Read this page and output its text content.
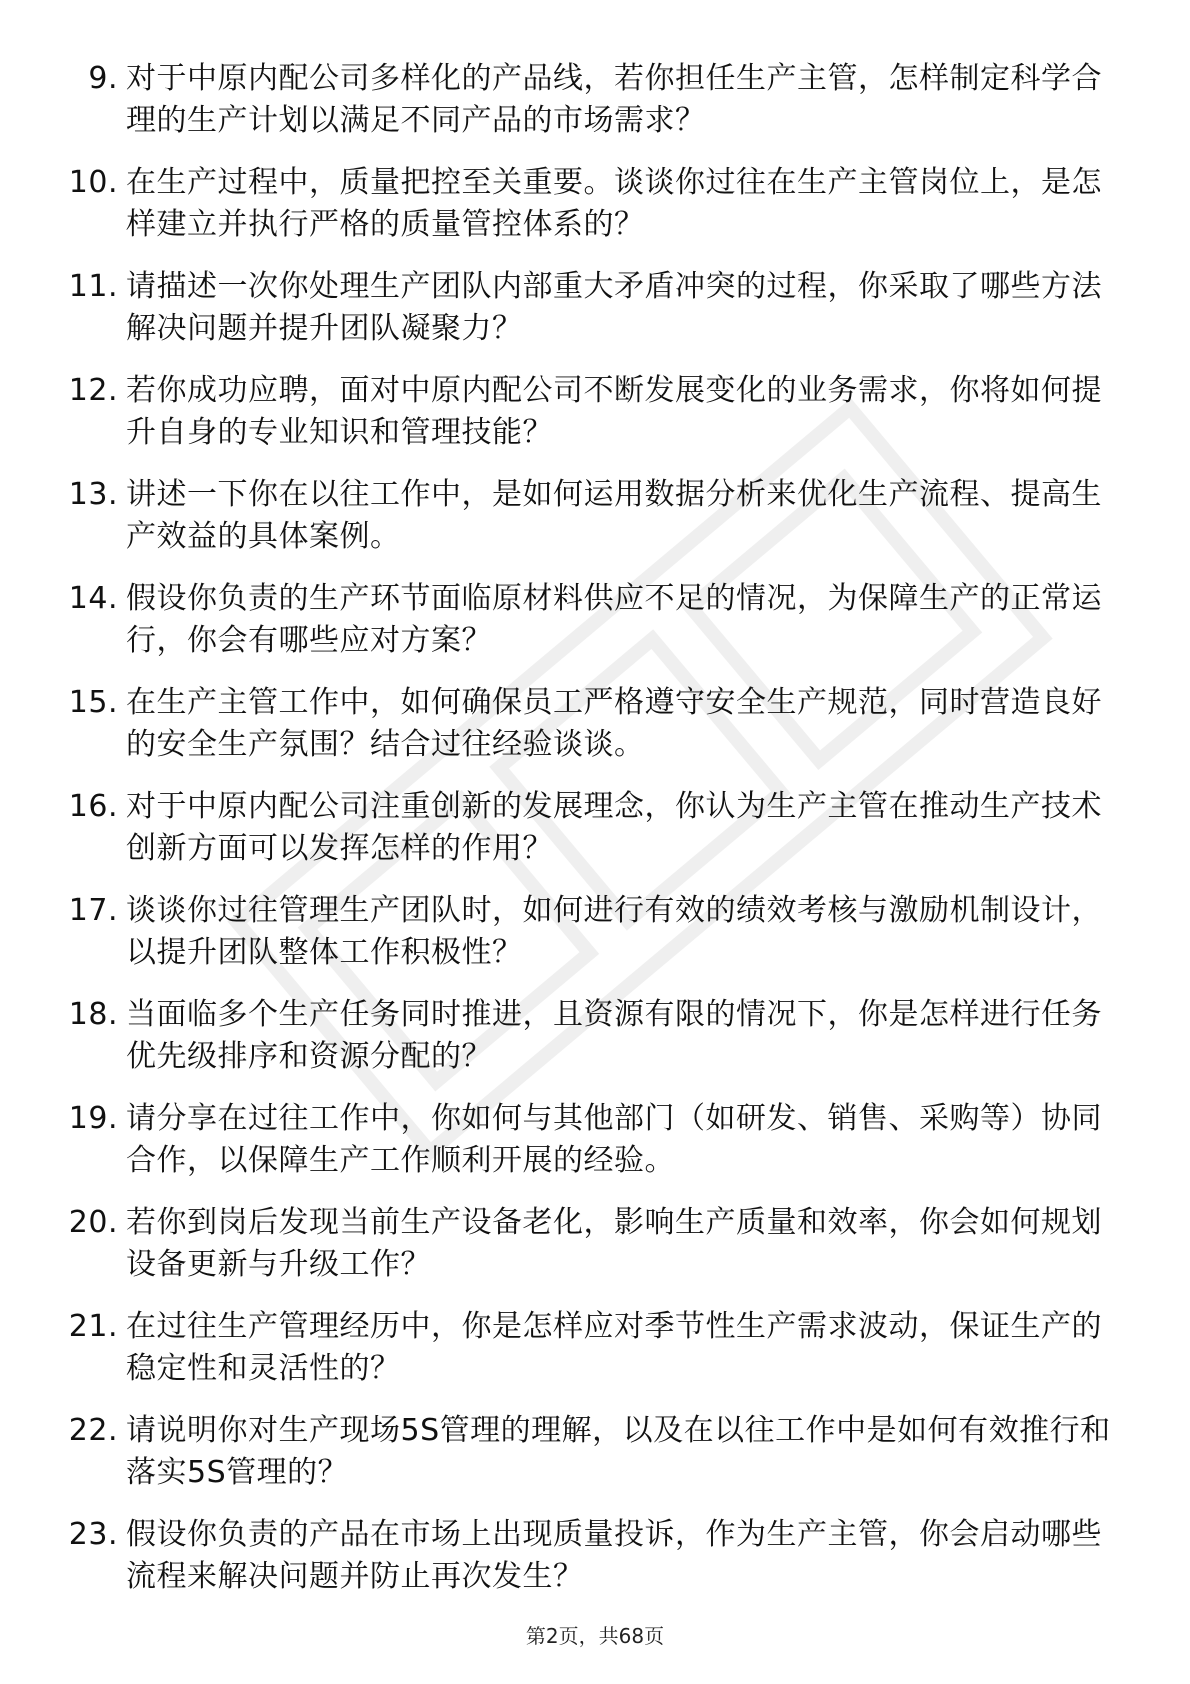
9. 对于中原内配公司多样化的产品线，若你担任生产主管，怎样制定科学合理的生产计划以满足不同产品的市场需求？
10. 在生产过程中，质量把控至关重要。谈谈你过往在生产主管岗位上，是怎样建立并执行严格的质量管控体系的？
11. 请描述一次你处理生产团队内部重大矛盾冲突的过程，你采取了哪些方法解决问题并提升团队凝聚力？
12. 若你成功应聘，面对中原内配公司不断发展变化的业务需求，你将如何提升自身的专业知识和管理技能？
13. 讲述一下你在以往工作中，是如何运用数据分析来优化生产流程、提高生产效益的具体案例。
14. 假设你负责的生产环节面临原材料供应不足的情况，为保障生产的正常运行，你会有哪些应对方案？
15. 在生产主管工作中，如何确保员工严格遵守安全生产规范，同时营造良好的安全生产氛围？结合过往经验谈谈。
16. 对于中原内配公司注重创新的发展理念，你认为生产主管在推动生产技术创新方面可以发挥怎样的作用？
17. 谈谈你过往管理生产团队时，如何进行有效的绩效考核与激励机制设计，以提升团队整体工作积极性？
18. 当面临多个生产任务同时推进，且资源有限的情况下，你是怎样进行任务优先级排序和资源分配的？
19. 请分享在过往工作中，你如何与其他部门（如研发、销售、采购等）协同合作，以保障生产工作顺利开展的经验。
20. 若你到岗后发现当前生产设备老化，影响生产质量和效率，你会如何规划设备更新与升级工作？
21. 在过往生产管理经历中，你是怎样应对季节性生产需求波动，保证生产的稳定性和灵活性的？
22. 请说明你对生产现场5S管理的理解，以及在以往工作中是如何有效推行和落实5S管理的？
23. 假设你负责的产品在市场上出现质量投诉，作为生产主管，你会启动哪些流程来解决问题并防止再次发生？
第2页，共68页
